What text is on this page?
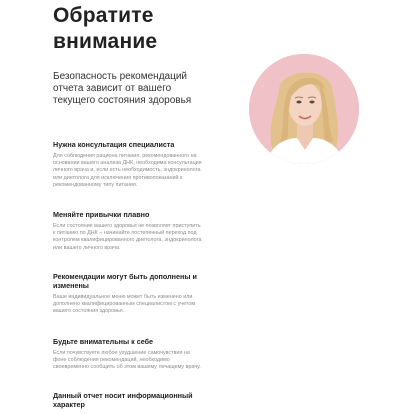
Обратите
внимание
Безопасность рекомендаций отчета зависит от вашего текущего состояния здоровья

Нужна консультация специалиста

Для соблюдения рациона питания, рекомендованного на основании вашего анализа ДНК, необходима консультация личного врача и, если есть необходимость, эндокринолога или диетолога для исключения противопоказаний к рекомендованному типу питания.

Меняйте привычки плавно

Если состояние вашего здоровья не позволяет приступить к питанию по ДНК – начинайте постепенный переход под контролем квалифицированного диетолога, эндокринолога или вашего личного врача.

Рекомендации могут быть дополнены и изменены

Ваше индивидуальное меню может быть изменено или дополнено квалифицированным специалистом с учетом вашего состояния здоровья.

Будьте внимательны к себе

Если почувствуете любое ухудшение самочувствия на фоне соблюдения рекомендаций, необходимо своевременно сообщить об этом вашему лечащему врачу.

Данный отчет носит информационный характер
